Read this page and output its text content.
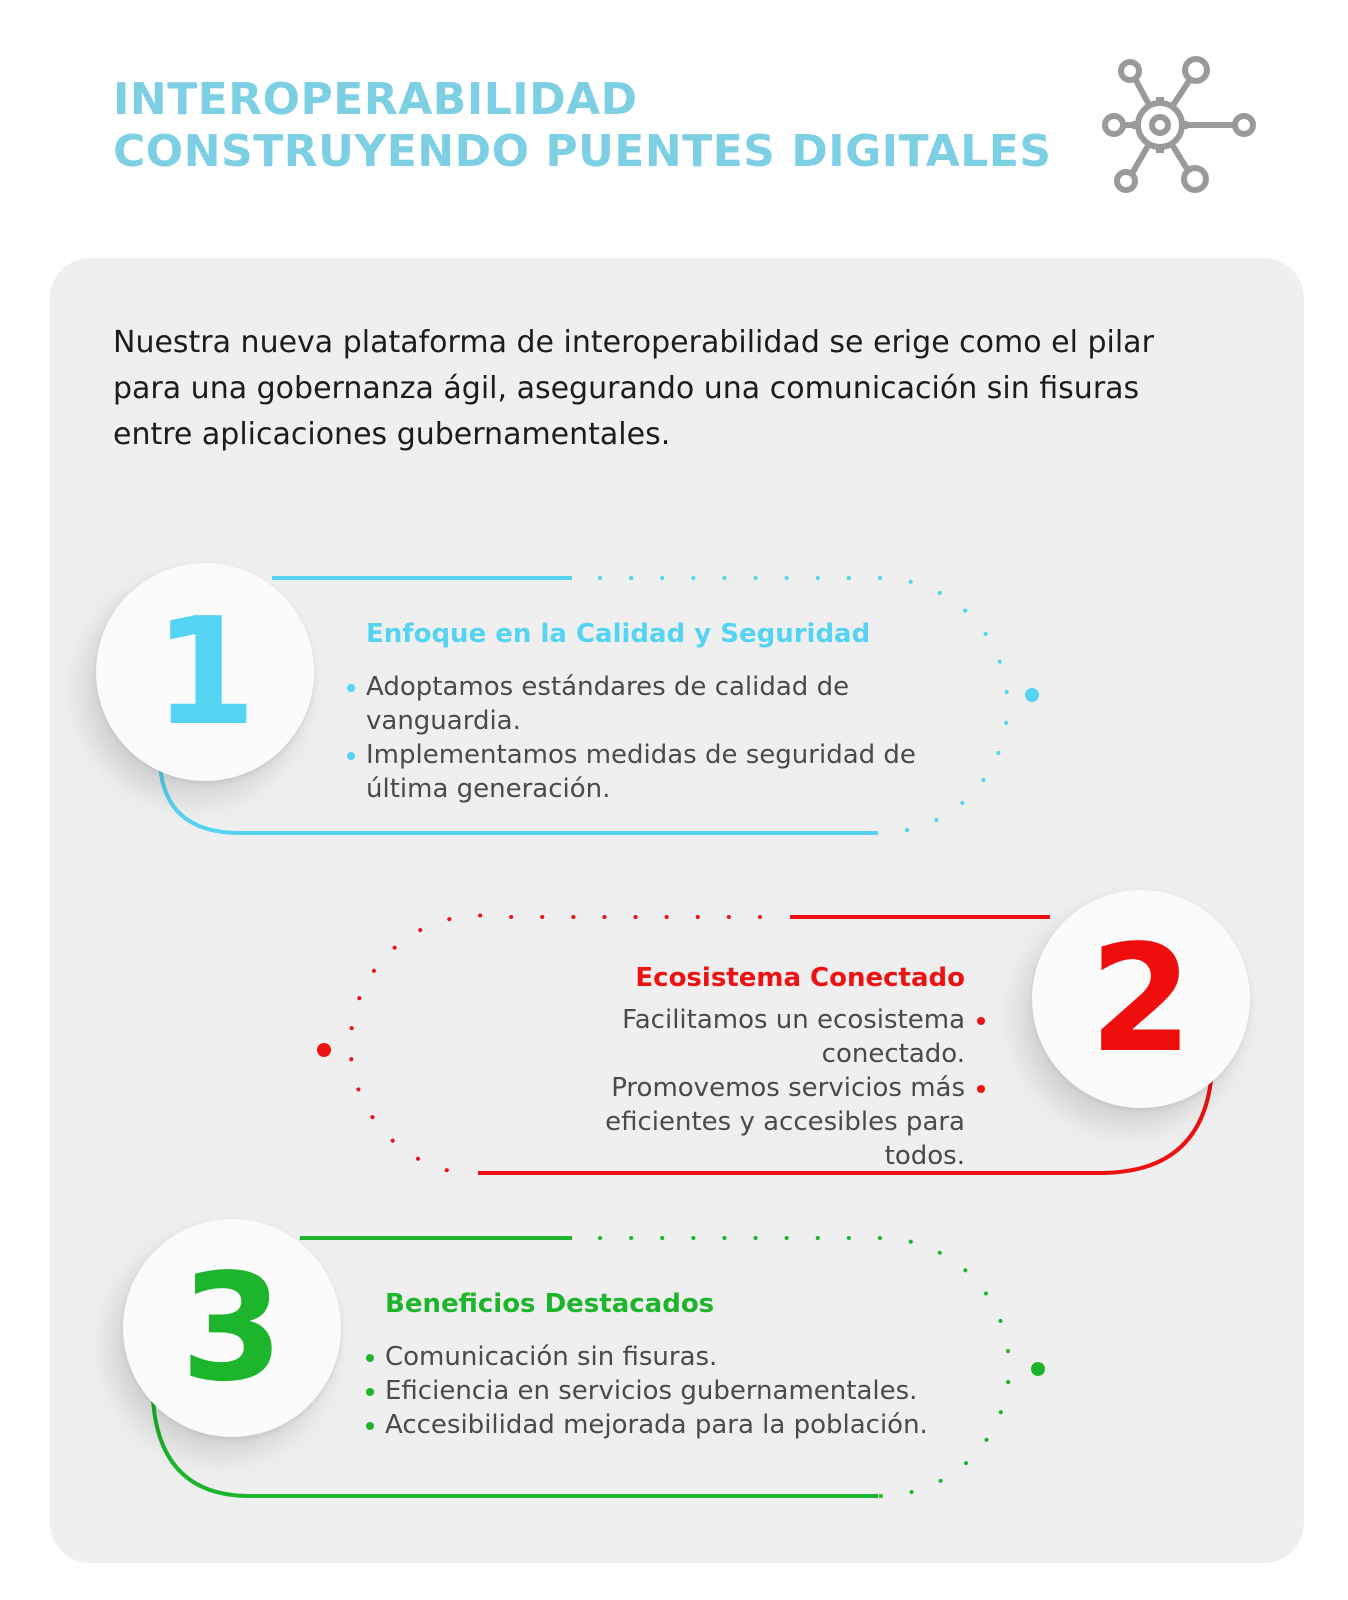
INTEROPERABILIDAD
CONSTRUYENDO PUENTES DIGITALES

Nuestra nueva plataforma de interoperabilidad se erige como el pilar para una gobernanza ágil, asegurando una comunicación sin fisuras entre aplicaciones gubernamentales.

1	Enfoque en la Calidad y Seguridad
Adoptamos estándares de calidad de vanguardia.
Implementamos medidas de seguridad de última generación.
2
Ecosistema Conectado
Facilitamos un ecosistema conectado.
Promovemos servicios más eficientes y accesibles para todos.
3	Beneficios Destacados
Comunicación sin fisuras.
Eficiencia en servicios gubernamentales.
Accesibilidad mejorada para la población.
